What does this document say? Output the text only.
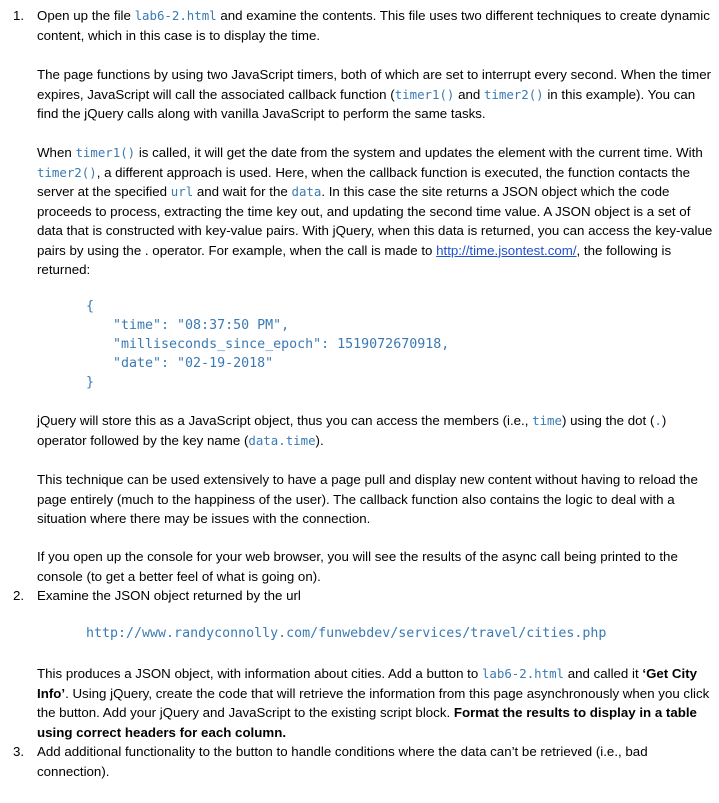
1. Open up the file lab6-2.html and examine the contents. This file uses two different techniques to create dynamic content, which in this case is to display the time.

The page functions by using two JavaScript timers, both of which are set to interrupt every second. When the timer expires, JavaScript will call the associated callback function (timer1() and timer2() in this example). You can find the jQuery calls along with vanilla JavaScript to perform the same tasks.

When timer1() is called, it will get the date from the system and updates the element with the current time. With timer2(), a different approach is used. Here, when the callback function is executed, the function contacts the server at the specified url and wait for the data. In this case the site returns a JSON object which the code proceeds to process, extracting the time key out, and updating the second time value. A JSON object is a set of data that is constructed with key-value pairs. With jQuery, when this data is returned, you can access the key-value pairs by using the . operator. For example, when the call is made to http://time.jsontest.com/, the following is returned:

{
"time": "08:37:50 PM",
"milliseconds_since_epoch": 1519072670918,
"date": "02-19-2018"
}

jQuery will store this as a JavaScript object, thus you can access the members (i.e., time) using the dot (.) operator followed by the key name (data.time).

This technique can be used extensively to have a page pull and display new content without having to reload the page entirely (much to the happiness of the user). The callback function also contains the logic to deal with a situation where there may be issues with the connection.

If you open up the console for your web browser, you will see the results of the async call being printed to the console (to get a better feel of what is going on).

2. Examine the JSON object returned by the url

http://www.randyconnolly.com/funwebdev/services/travel/cities.php

This produces a JSON object, with information about cities. Add a button to lab6-2.html and called it ‘Get City Info’. Using jQuery, create the code that will retrieve the information from this page asynchronously when you click the button. Add your jQuery and JavaScript to the existing script block. Format the results to display in a table using correct headers for each column.

3. Add additional functionality to the button to handle conditions where the data can’t be retrieved (i.e., bad connection).
